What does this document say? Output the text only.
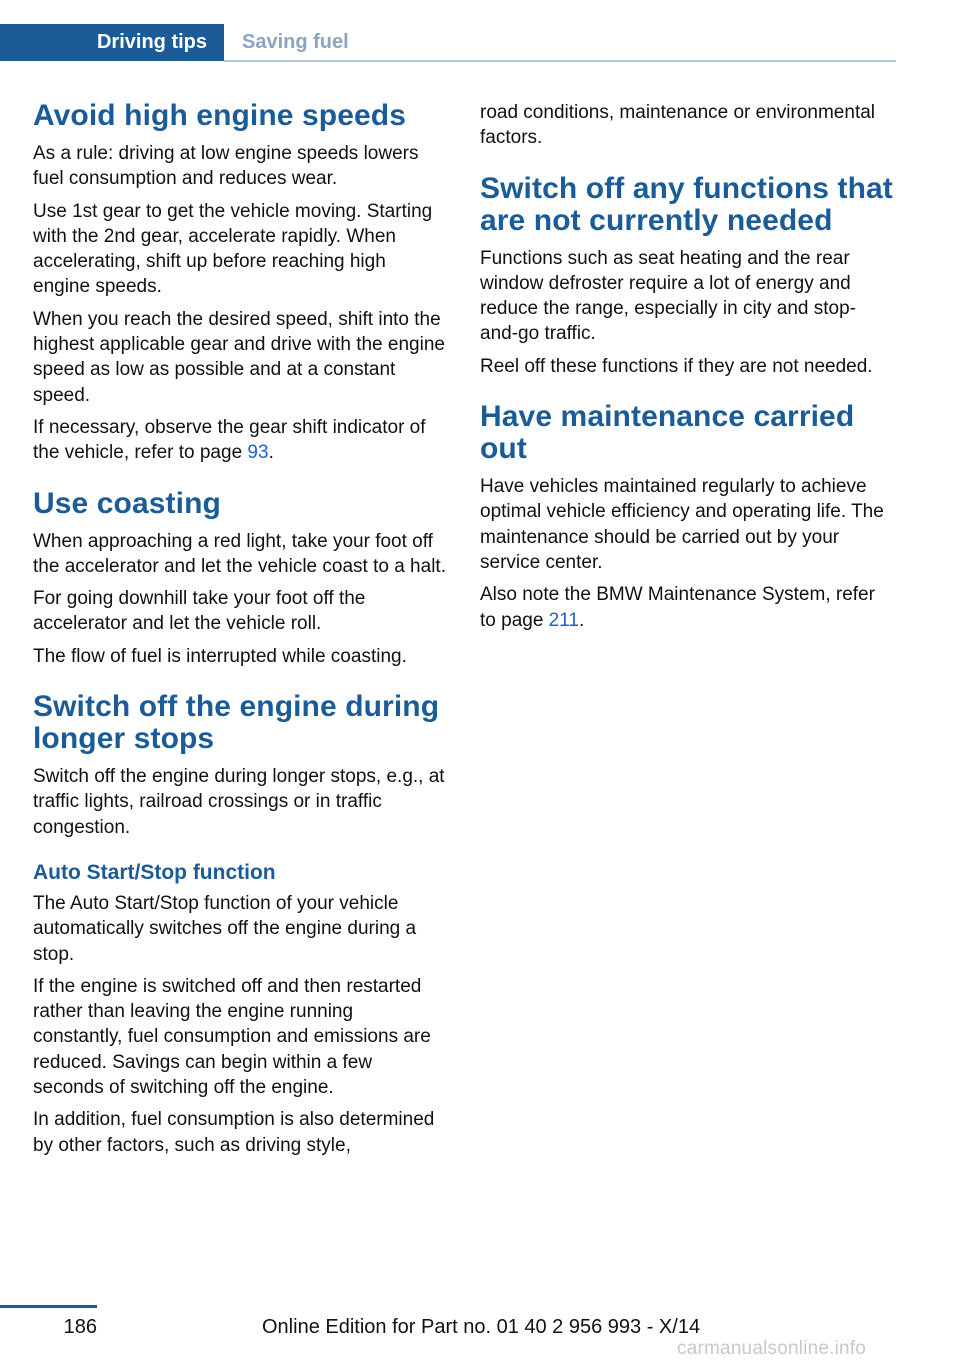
Driving tips	Saving fuel
Avoid high engine speeds

As a rule: driving at low engine speeds lowers fuel consumption and reduces wear.

Use 1st gear to get the vehicle moving. Starting with the 2nd gear, accelerate rapidly. When accelerating, shift up before reaching high engine speeds.

When you reach the desired speed, shift into the highest applicable gear and drive with the engine speed as low as possible and at a constant speed.

If necessary, observe the gear shift indicator of the vehicle, refer to page 93.

Use coasting

When approaching a red light, take your foot off the accelerator and let the vehicle coast to a halt.

For going downhill take your foot off the accelerator and let the vehicle roll.

The flow of fuel is interrupted while coasting.

Switch off the engine during longer stops

Switch off the engine during longer stops, e.g., at traffic lights, railroad crossings or in traffic congestion.

Auto Start/Stop function

The Auto Start/Stop function of your vehicle automatically switches off the engine during a stop.

If the engine is switched off and then restarted rather than leaving the engine running constantly, fuel consumption and emissions are reduced. Savings can begin within a few seconds of switching off the engine.

In addition, fuel consumption is also determined by other factors, such as driving style,

road conditions, maintenance or environmental factors.

Switch off any functions that are not currently needed

Functions such as seat heating and the rear window defroster require a lot of energy and reduce the range, especially in city and stop-and-go traffic.

Reel off these functions if they are not needed.

Have maintenance carried out

Have vehicles maintained regularly to achieve optimal vehicle efficiency and operating life. The maintenance should be carried out by your service center.

Also note the BMW Maintenance System, refer to page 211.

186	Online Edition for Part no. 01 40 2 956 993 - X/14
carmanualsonline.info
